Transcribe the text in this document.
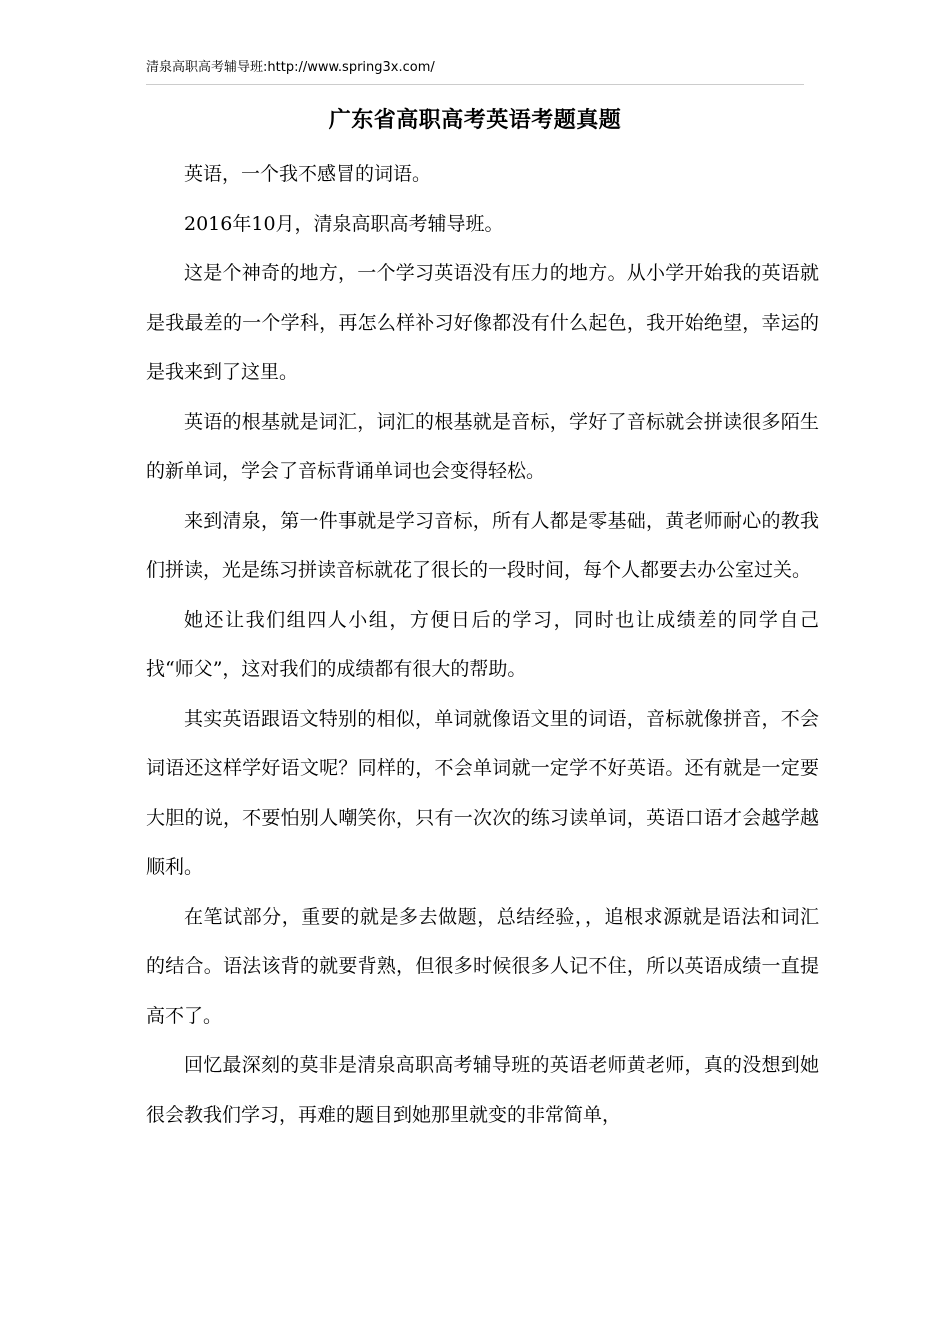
清泉高职高考辅导班:http://www.spring3x.com/
广东省高职高考英语考题真题

英语，一个我不感冒的词语。

2016年10月，清泉高职高考辅导班。

这是个神奇的地方，一个学习英语没有压力的地方。从小学开始我的英语就是我最差的一个学科，再怎么样补习好像都没有什么起色，我开始绝望，幸运的是我来到了这里。

英语的根基就是词汇，词汇的根基就是音标，学好了音标就会拼读很多陌生的新单词，学会了音标背诵单词也会变得轻松。

来到清泉，第一件事就是学习音标，所有人都是零基础，黄老师耐心的教我们拼读，光是练习拼读音标就花了很长的一段时间，每个人都要去办公室过关。

她还让我们组四人小组，方便日后的学习，同时也让成绩差的同学自己找“师父”，这对我们的成绩都有很大的帮助。

其实英语跟语文特别的相似，单词就像语文里的词语，音标就像拼音，不会词语还这样学好语文呢？同样的，不会单词就一定学不好英语。还有就是一定要大胆的说，不要怕别人嘲笑你，只有一次次的练习读单词，英语口语才会越学越顺利。

在笔试部分，重要的就是多去做题，总结经验，，追根求源就是语法和词汇的结合。语法该背的就要背熟，但很多时候很多人记不住，所以英语成绩一直提高不了。

回忆最深刻的莫非是清泉高职高考辅导班的英语老师黄老师，真的没想到她很会教我们学习，再难的题目到她那里就变的非常简单，
